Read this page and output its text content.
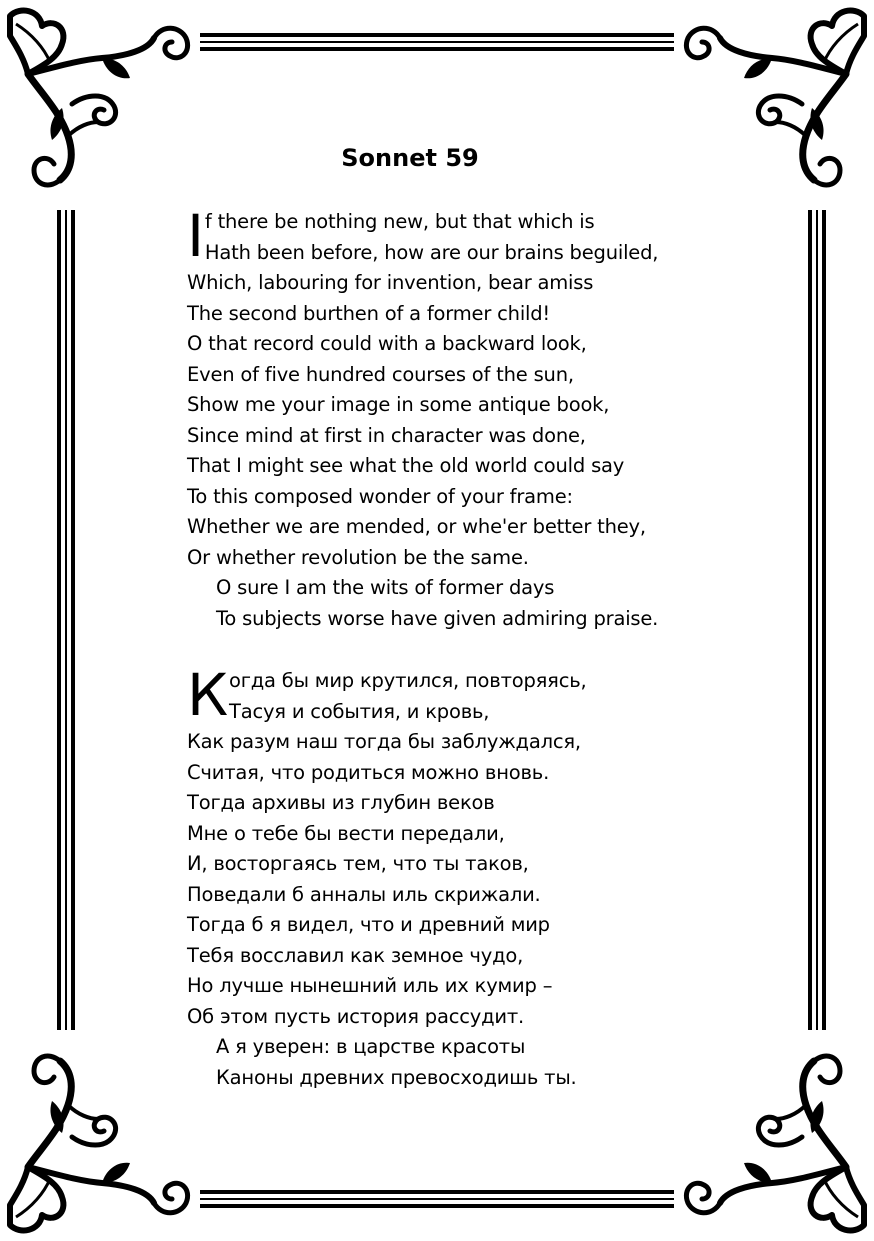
Sonnet 59
If there be nothing new, but that which is
Hath been before, how are our brains beguiled,
Which, labouring for invention, bear amiss
The second burthen of a former child!
O that record could with a backward look,
Even of five hundred courses of the sun,
Show me your image in some antique book,
Since mind at first in character was done,
That I might see what the old world could say
To this composed wonder of your frame:
Whether we are mended, or whe'er better they,
Or whether revolution be the same.
O sure I am the wits of former days
To subjects worse have given admiring praise.
Когда бы мир крутился, повторяясь,
Тасуя и события, и кровь,
Как разум наш тогда бы заблуждался,
Считая, что родиться можно вновь.
Тогда архивы из глубин веков
Мне о тебе бы вести передали,
И, восторгаясь тем, что ты таков,
Поведали б анналы иль скрижали.
Тогда б я видел, что и древний мир
Тебя восславил как земное чудо,
Но лучше нынешний иль их кумир –
Об этом пусть история рассудит.
А я уверен: в царстве красоты
Каноны древних превосходишь ты.
